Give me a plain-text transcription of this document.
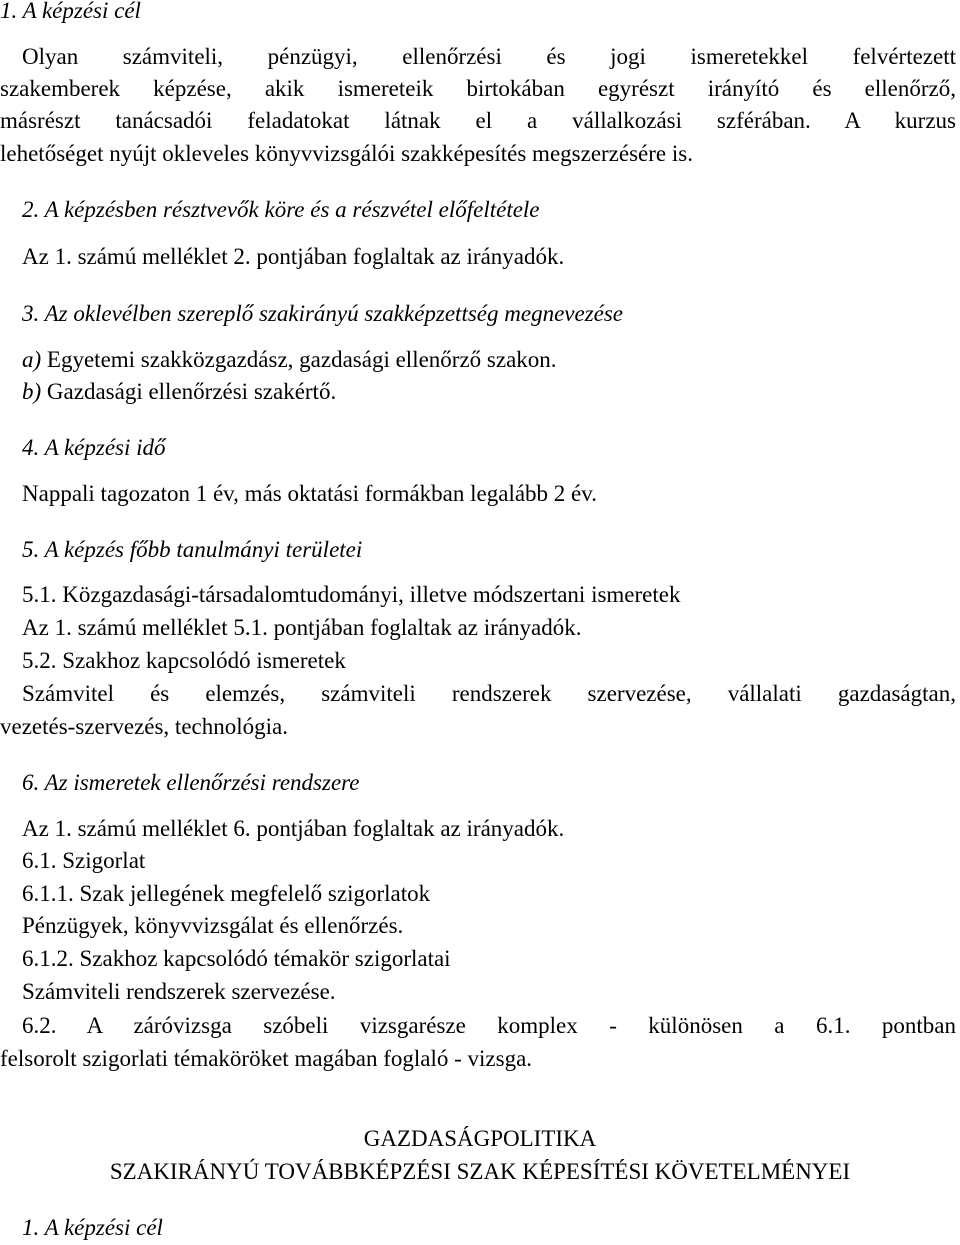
1. A képzési cél
Olyan számviteli, pénzügyi, ellenőrzési és jogi ismeretekkel felvértezett
szakemberek képzése, akik ismereteik birtokában egyrészt irányító és ellenőrző,
másrészt tanácsadói feladatokat látnak el a vállalkozási szférában. A kurzus
lehetőséget nyújt okleveles könyvvizsgálói szakképesítés megszerzésére is.
2. A képzésben résztvevők köre és a részvétel előfeltétele
Az 1. számú melléklet 2. pontjában foglaltak az irányadók.
3. Az oklevélben szereplő szakirányú szakképzettség megnevezése
a) Egyetemi szakközgazdász, gazdasági ellenőrző szakon.
b) Gazdasági ellenőrzési szakértő.
4. A képzési idő
Nappali tagozaton 1 év, más oktatási formákban legalább 2 év.
5. A képzés főbb tanulmányi területei
5.1. Közgazdasági-társadalomtudományi, illetve módszertani ismeretek
Az 1. számú melléklet 5.1. pontjában foglaltak az irányadók.
5.2. Szakhoz kapcsolódó ismeretek
Számvitel és elemzés, számviteli rendszerek szervezése, vállalati gazdaságtan,
vezetés-szervezés, technológia.
6. Az ismeretek ellenőrzési rendszere
Az 1. számú melléklet 6. pontjában foglaltak az irányadók.
6.1. Szigorlat
6.1.1. Szak jellegének megfelelő szigorlatok
Pénzügyek, könyvvizsgálat és ellenőrzés.
6.1.2. Szakhoz kapcsolódó témakör szigorlatai
Számviteli rendszerek szervezése.
6.2. A záróvizsga szóbeli vizsgarésze komplex - különösen a 6.1. pontban
felsorolt szigorlati témaköröket magában foglaló - vizsga.
GAZDASÁGPOLITIKA
SZAKIRÁNYÚ TOVÁBBKÉPZÉSI SZAK KÉPESÍTÉSI KÖVETELMÉNYEI
1. A képzési cél
